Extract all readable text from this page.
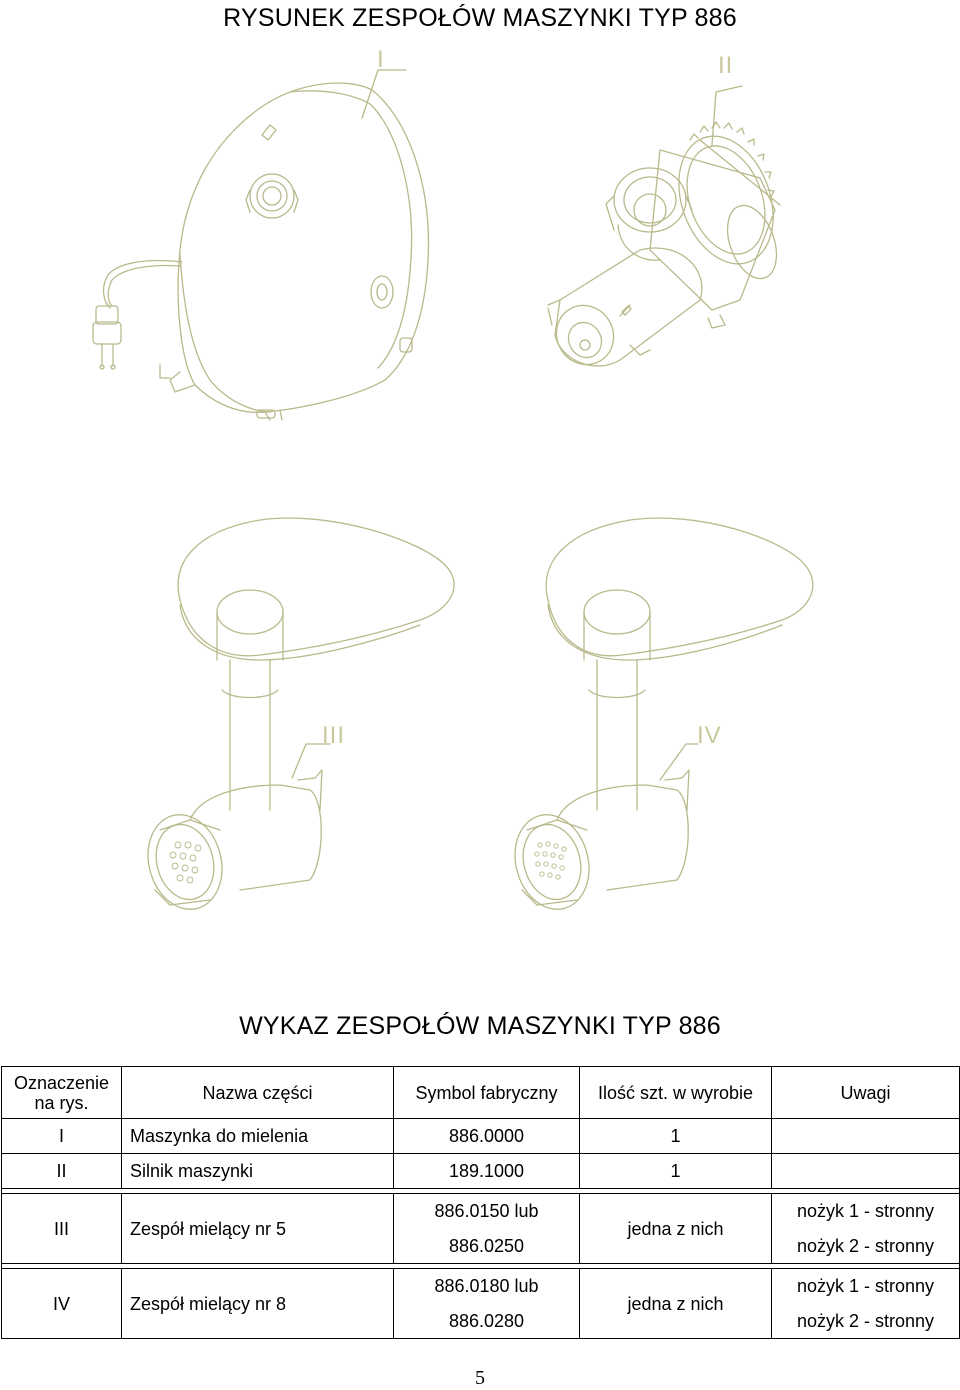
RYSUNEK ZESPOŁÓW MASZYNKI TYP 886
I	II
III	IV
WYKAZ ZESPOŁÓW MASZYNKI TYP 886
Oznaczenie na rys.	Nazwa części	Symbol fabryczny	Ilość szt. w wyrobie	Uwagi
I	Maszynka do mielenia	886.0000	1	
II	Silnik maszynki	189.1000	1	

III	Zespół mielący nr 5	886.0150 lub	jedna z nich	nożyk 1 - stronny
		886.0250		nożyk 2 - stronny

IV	Zespół mielący nr 8	886.0180 lub	jedna z nich	nożyk 1 - stronny
		886.0280		nożyk 2 - stronny
5
